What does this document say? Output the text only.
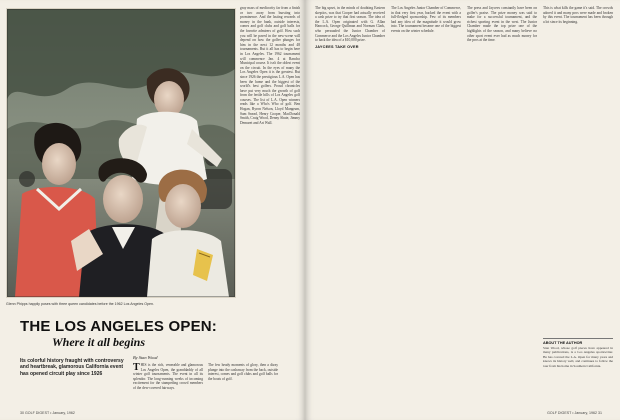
Glenn Phipps happily poses with three queen candidates before the 1962 Los Angeles Open.

gray mass of mediocrity far from a finish or two away from bursting into prominence. And the lasting rewards of money in the bank, outside interests, comes and golf clubs and golf balls for the favorite admirers of golf. How such you will be paved in the new-scene will depend on how the golfer plunges for him in the next 12 months and 48 tournaments. But it all has to begin here in Los Angeles. The 1962 tournament will commence Jan. 4 at Rancho Municipal course. It isn't the oldest event on the circuit. In the eyes of many the Los Angeles Open it is the greatest. But since 1926 the prestigious L.A. Open has been the home and the biggest of the world's best golfers. Proud chronicles have put very much the growth of golf from the fertile hills of Los Angeles golf courses. The list of L.A. Open winners reads like a Who's Who of golf. Ben Hogan, Byron Nelson, Lloyd Mangrum, Sam Snead, Henry Cooper, MacDonald Smith, Craig Wood, Denny Shute, Jimmy Demaret and Art Wall.
THE LOS ANGELES OPEN:
Where it all begins

Its colorful history fraught with controversy and heartbreak, glamorous California event has opened circuit play since 1926

By Stan Wood
T HIS is the rich, venerable and glamorous Los Angeles Open, the granddaddy of all winter golf tournaments. The event in all its splendor. The long-running weeks of incoming excitement for the stampeding crowd members of the dew-covered fairways.
The few heady moments of glory, then a dizzy plunge into the cashaway from the back, outside interest, comes and golf clubs and golf balls for the bouts of golf.
30 GOLF DIGEST • January, 1962
The big upset, in the minds of doubting Eastern skeptics, was that Cooper had actually received a cash prize to try that first season. The idea of the L.A. Open originated with G. Allan Hancock, George Quillman and Norman Clark, who persuaded the Junior Chamber of Commerce and the Los Angeles Junior Chamber to back the idea of a $10,000 prize.
JAYCEES TAKE OVER
The Los Angeles Junior Chamber of Commerce, in that very first year, backed the event with a full-fledged sponsorship. Few of its members had any idea of the magnitude it would grow into. The tournament became one of the biggest events on the winter schedule.
The press and Jaycees constantly have been on golfer's praise. The prize money was said to make for a successful tournament, and the richest sporting event in the west. The Junior Chamber made the top prize one of the highlights of the season, and many believe no other sport event ever had as much money for the pros at the time.
This is what kills the game it's said. The crowds adored it and many pros were made and broken by this event. The tournament has been through a lot since its beginning.

ABOUT THE AUTHOR

Stan Wood, whose golf pieces have appeared in many publications, is a Los Angeles sportswriter. He has covered the L.A. Open for many years and knows its history well, and continues to follow the tour from his home in Southern California.

GOLF DIGEST • January, 1962 31
